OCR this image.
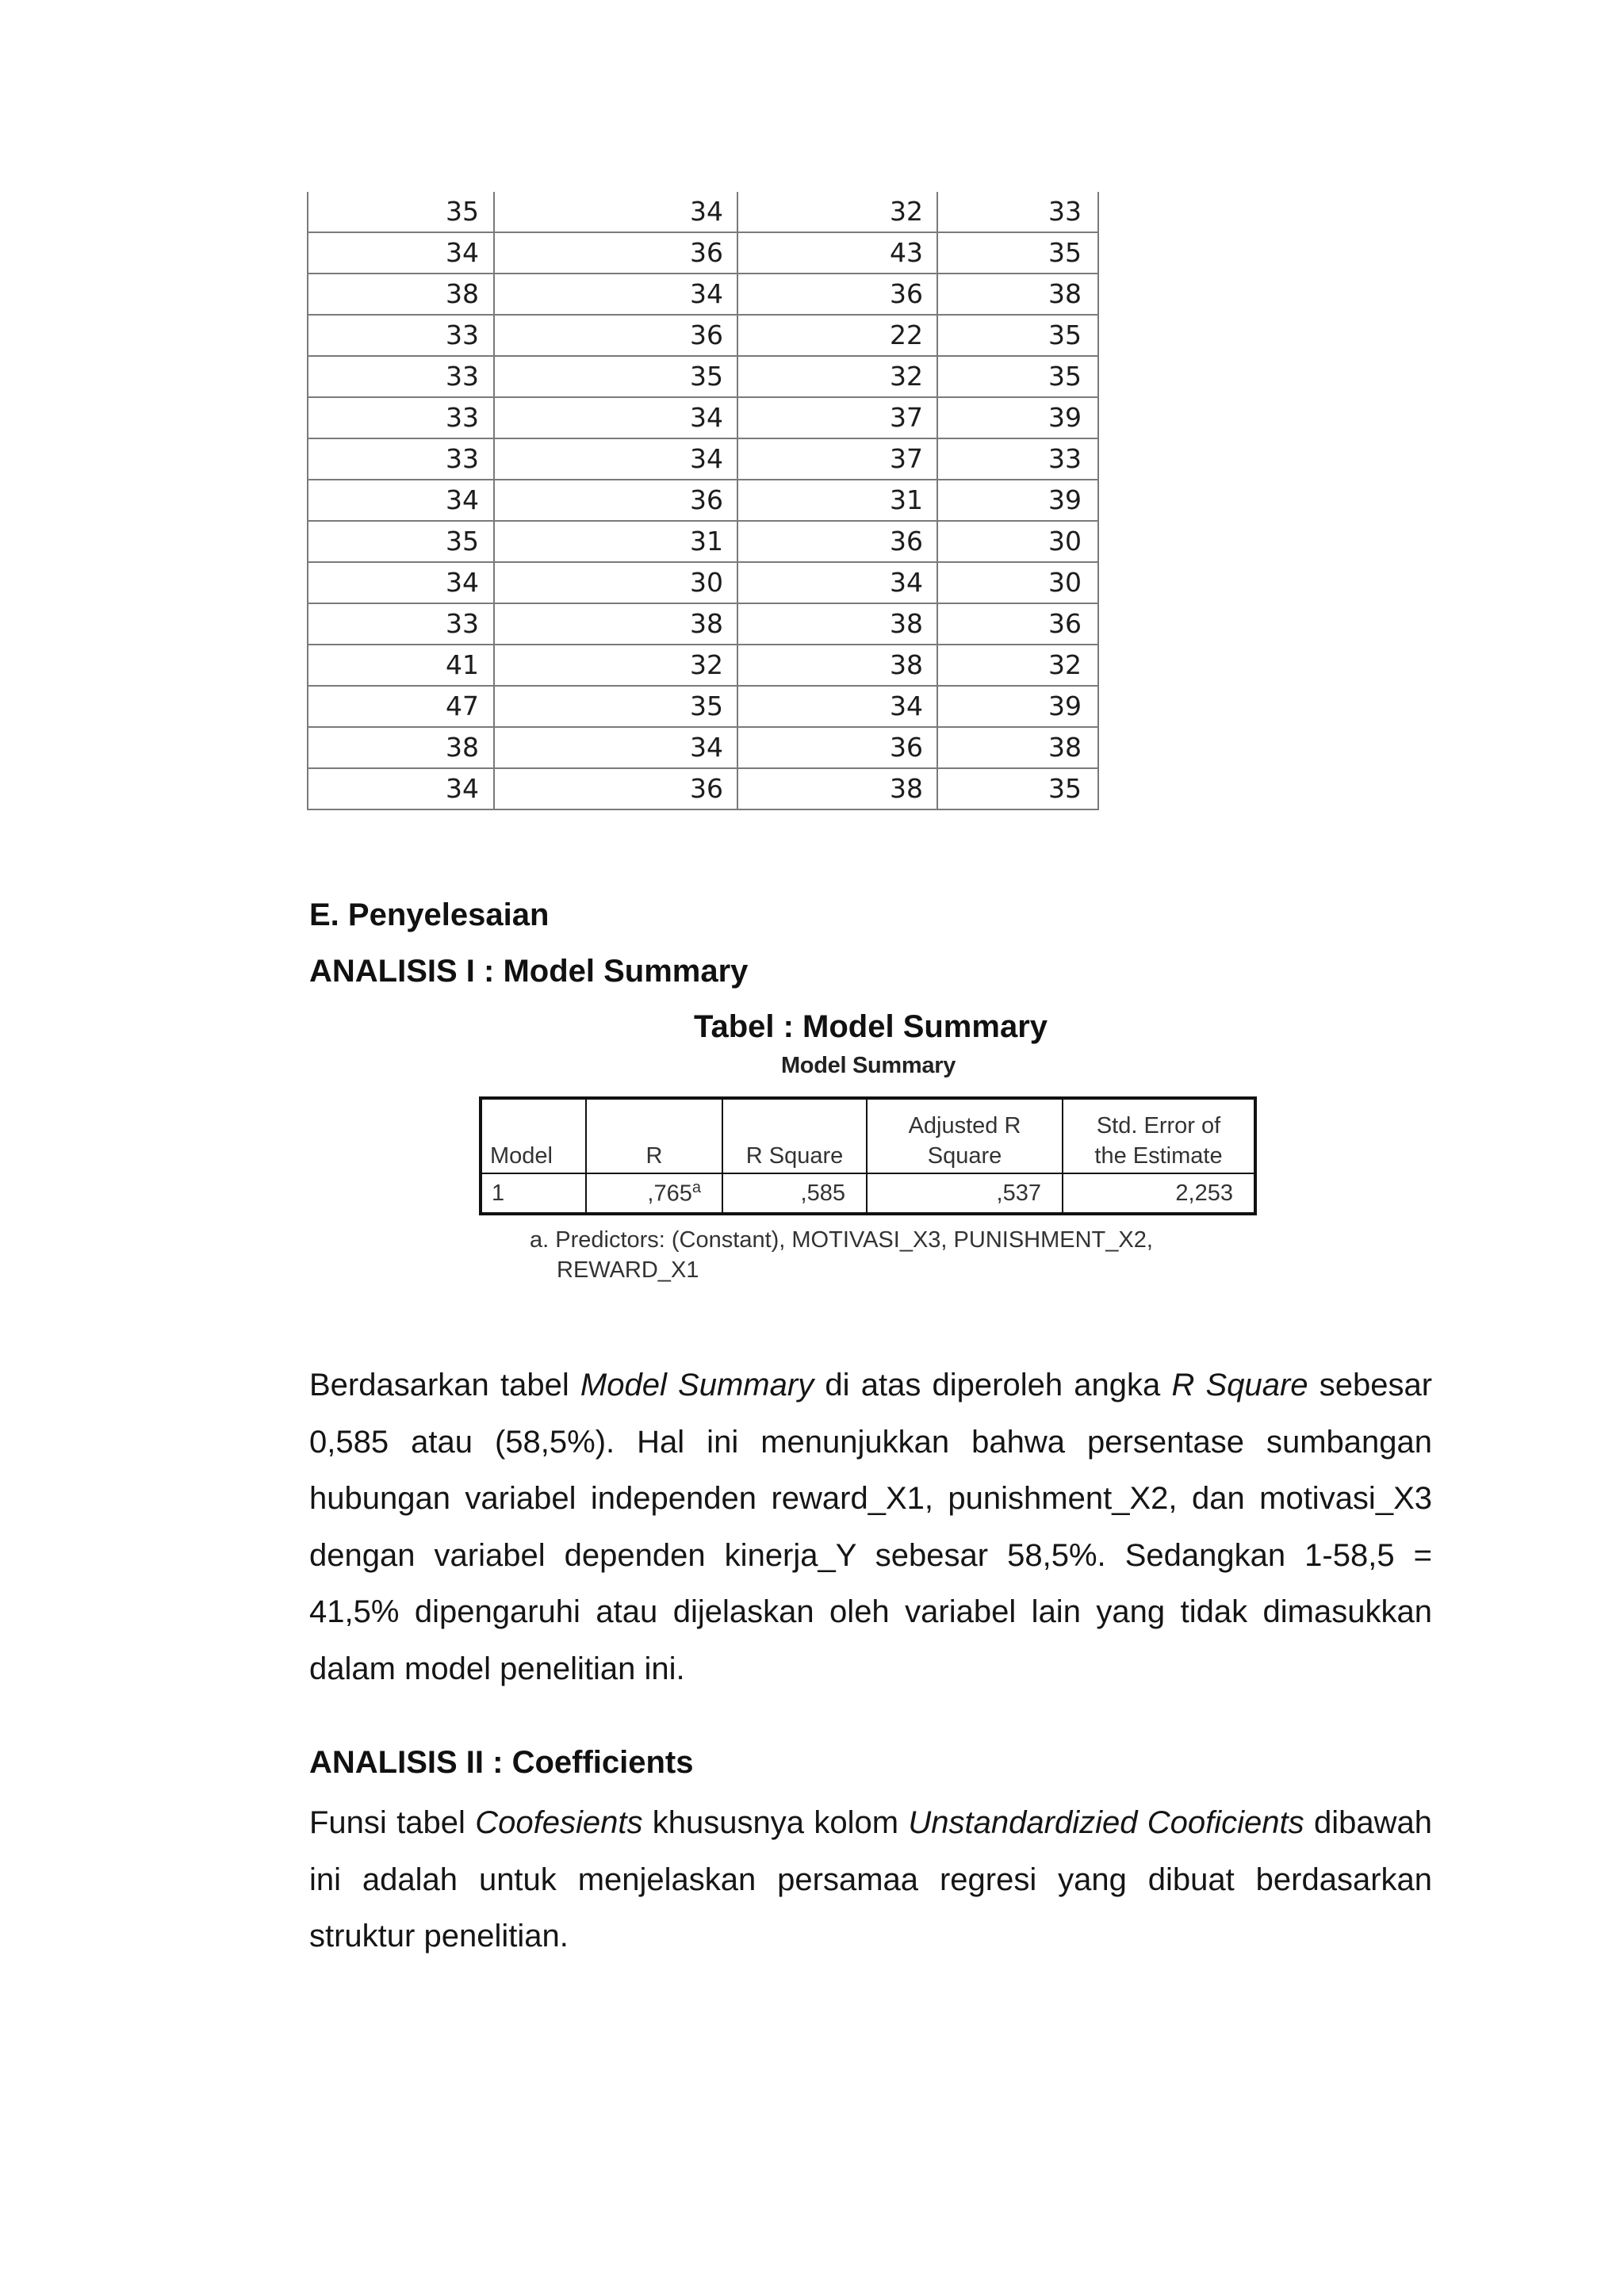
35	34	32	33
34	36	43	35
38	34	36	38
33	36	22	35
33	35	32	35
33	34	37	39
33	34	37	33
34	36	31	39
35	31	36	30
34	30	34	30
33	38	38	36
41	32	38	32
47	35	34	39
38	34	36	38
34	36	38	35
E. Penyelesaian
ANALISIS I : Model Summary
Tabel : Model Summary
Model Summary
Model	R	R Square	Adjusted R Square	Std. Error of the Estimate
1	,765$^a$	,585	,537	2,253
a. Predictors: (Constant), MOTIVASI_X3, PUNISHMENT_X2,
REWARD_X1
Berdasarkan tabel Model Summary di atas diperoleh angka R Square sebesar 0,585 atau (58,5%). Hal ini menunjukkan bahwa persentase sumbangan hubungan variabel independen reward_X1, punishment_X2, dan motivasi_X3 dengan variabel dependen kinerja_Y sebesar 58,5%. Sedangkan 1-58,5 = 41,5% dipengaruhi atau dijelaskan oleh variabel lain yang tidak dimasukkan dalam model penelitian ini.
ANALISIS II : Coefficients
Funsi tabel Coofesients khususnya kolom Unstandardizied Cooficients dibawah ini adalah untuk menjelaskan persamaa regresi yang dibuat berdasarkan struktur penelitian.
